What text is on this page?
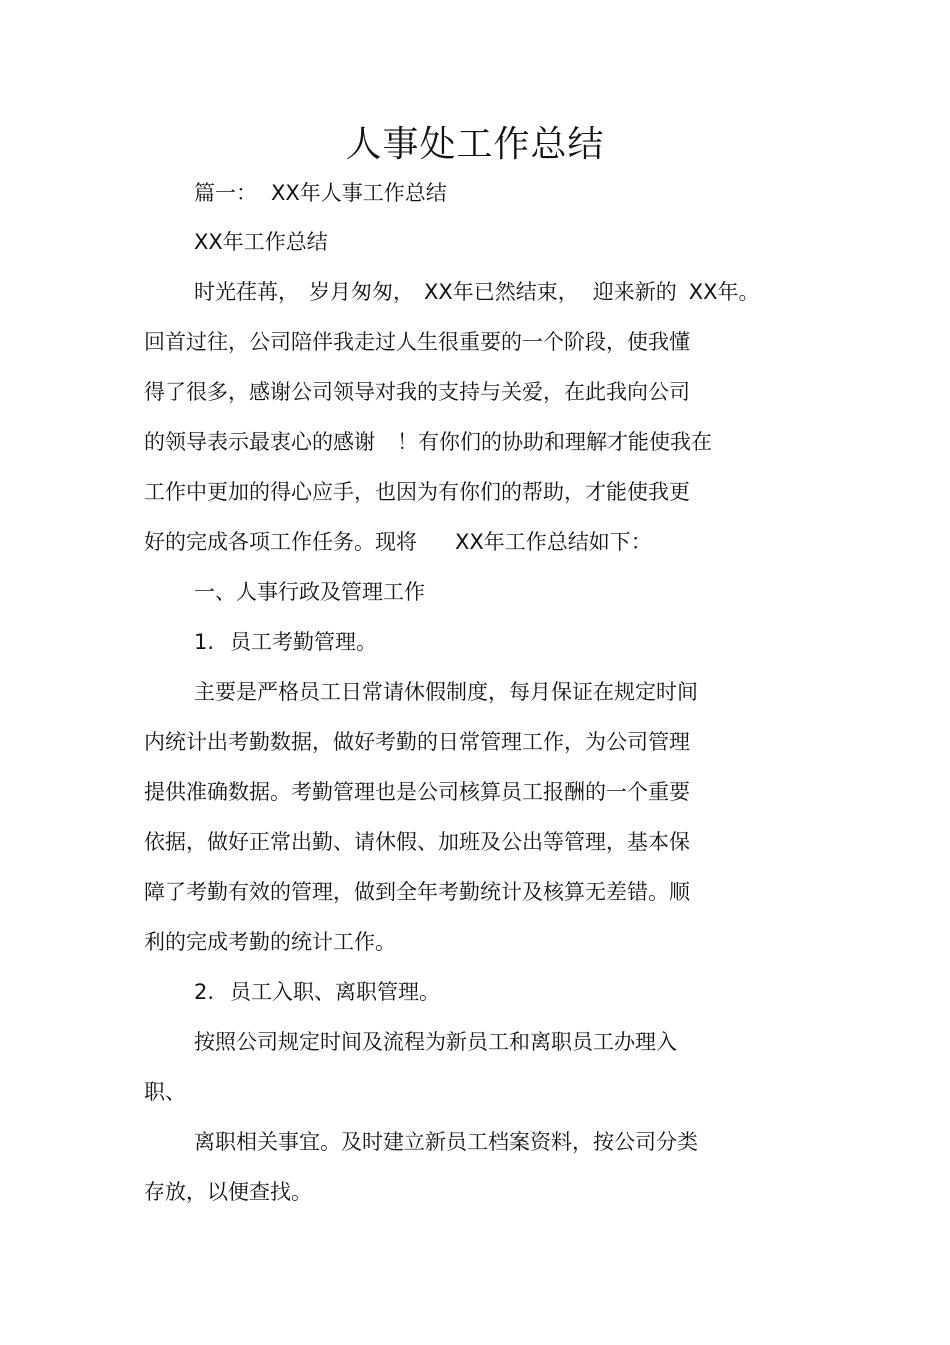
人事处工作总结
篇一： XX年人事工作总结
XX年工作总结
时光荏苒， 岁月匆匆， XX年已然结束， 迎来新的 XX年。
回首过往，公司陪伴我走过人生很重要的一个阶段，使我懂
得了很多，感谢公司领导对我的支持与关爱，在此我向公司
的领导表示最衷心的感谢 ！有你们的协助和理解才能使我在
工作中更加的得心应手，也因为有你们的帮助，才能使我更
好的完成各项工作任务。现将 XX年工作总结如下：
一、人事行政及管理工作
1. 员工考勤管理。
主要是严格员工日常请休假制度，每月保证在规定时间
内统计出考勤数据，做好考勤的日常管理工作，为公司管理
提供准确数据。考勤管理也是公司核算员工报酬的一个重要
依据，做好正常出勤、请休假、加班及公出等管理，基本保
障了考勤有效的管理，做到全年考勤统计及核算无差错。顺
利的完成考勤的统计工作。
2. 员工入职、离职管理。
按照公司规定时间及流程为新员工和离职员工办理入
职、
离职相关事宜。及时建立新员工档案资料，按公司分类
存放，以便查找。
